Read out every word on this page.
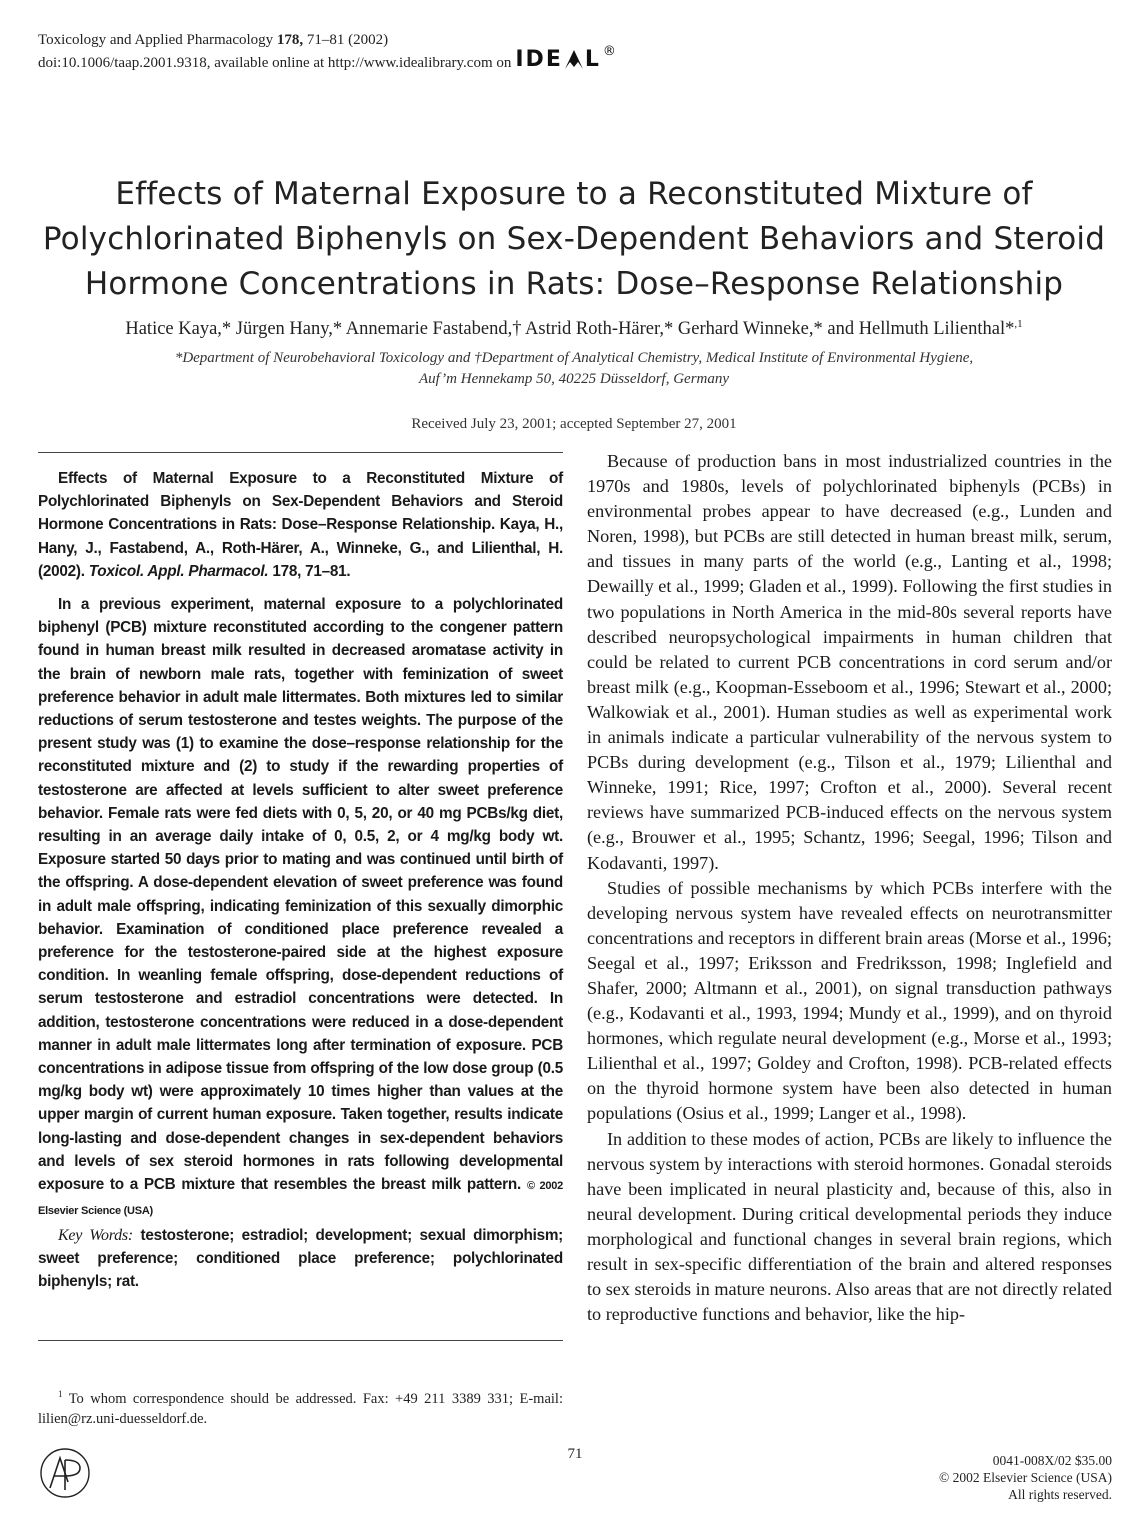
Toxicology and Applied Pharmacology 178, 71–81 (2002)
doi:10.1006/taap.2001.9318, available online at http://www.idealibrary.com on IDE L®
Effects of Maternal Exposure to a Reconstituted Mixture of
Polychlorinated Biphenyls on Sex-Dependent Behaviors and Steroid
Hormone Concentrations in Rats: Dose–Response Relationship
Hatice Kaya,* Jürgen Hany,* Annemarie Fastabend,† Astrid Roth-Härer,* Gerhard Winneke,* and Hellmuth Lilienthal*$^{,1}$
*Department of Neurobehavioral Toxicology and †Department of Analytical Chemistry, Medical Institute of Environmental Hygiene,
Auf’m Hennekamp 50, 40225 Düsseldorf, Germany
Received July 23, 2001; accepted September 27, 2001

Effects of Maternal Exposure to a Reconstituted Mixture of Polychlorinated Biphenyls on Sex-Dependent Behaviors and Steroid Hormone Concentrations in Rats: Dose–Response Relationship. Kaya, H., Hany, J., Fastabend, A., Roth-Härer, A., Winneke, G., and Lilienthal, H. (2002). Toxicol. Appl. Pharmacol. 178, 71–81.

In a previous experiment, maternal exposure to a polychlorinated biphenyl (PCB) mixture reconstituted according to the congener pattern found in human breast milk resulted in decreased aromatase activity in the brain of newborn male rats, together with feminization of sweet preference behavior in adult male littermates. Both mixtures led to similar reductions of serum testosterone and testes weights. The purpose of the present study was (1) to examine the dose–response relationship for the reconstituted mixture and (2) to study if the rewarding properties of testosterone are affected at levels sufficient to alter sweet preference behavior. Female rats were fed diets with 0, 5, 20, or 40 mg PCBs/kg diet, resulting in an average daily intake of 0, 0.5, 2, or 4 mg/kg body wt. Exposure started 50 days prior to mating and was continued until birth of the offspring. A dose-dependent elevation of sweet preference was found in adult male offspring, indicating feminization of this sexually dimorphic behavior. Examination of conditioned place preference revealed a preference for the testosterone-paired side at the highest exposure condition. In weanling female offspring, dose-dependent reductions of serum testosterone and estradiol concentrations were detected. In addition, testosterone concentrations were reduced in a dose-dependent manner in adult male littermates long after termination of exposure. PCB concentrations in adipose tissue from offspring of the low dose group (0.5 mg/kg body wt) were approximately 10 times higher than values at the upper margin of current human exposure. Taken together, results indicate long-lasting and dose-dependent changes in sex-dependent behaviors and levels of sex steroid hormones in rats following developmental exposure to a PCB mixture that resembles the breast milk pattern. © 2002 Elsevier Science (USA)

Key Words: testosterone; estradiol; development; sexual dimorphism; sweet preference; conditioned place preference; polychlorinated biphenyls; rat.

$^1$ To whom correspondence should be addressed. Fax: +49 211 3389 331; E-mail: lilien@rz.uni-duesseldorf.de.

Because of production bans in most industrialized countries in the 1970s and 1980s, levels of polychlorinated biphenyls (PCBs) in environmental probes appear to have decreased (e.g., Lunden and Noren, 1998), but PCBs are still detected in human breast milk, serum, and tissues in many parts of the world (e.g., Lanting et al., 1998; Dewailly et al., 1999; Gladen et al., 1999). Following the first studies in two populations in North America in the mid-80s several reports have described neuropsychological impairments in human children that could be related to current PCB concentrations in cord serum and/or breast milk (e.g., Koopman-Esseboom et al., 1996; Stewart et al., 2000; Walkowiak et al., 2001). Human studies as well as experimental work in animals indicate a particular vulnerability of the nervous system to PCBs during development (e.g., Tilson et al., 1979; Lilienthal and Winneke, 1991; Rice, 1997; Crofton et al., 2000). Several recent reviews have summarized PCB-induced effects on the nervous system (e.g., Brouwer et al., 1995; Schantz, 1996; Seegal, 1996; Tilson and Kodavanti, 1997).

Studies of possible mechanisms by which PCBs interfere with the developing nervous system have revealed effects on neurotransmitter concentrations and receptors in different brain areas (Morse et al., 1996; Seegal et al., 1997; Eriksson and Fredriksson, 1998; Inglefield and Shafer, 2000; Altmann et al., 2001), on signal transduction pathways (e.g., Kodavanti et al., 1993, 1994; Mundy et al., 1999), and on thyroid hormones, which regulate neural development (e.g., Morse et al., 1993; Lilienthal et al., 1997; Goldey and Crofton, 1998). PCB-related effects on the thyroid hormone system have been also detected in human populations (Osius et al., 1999; Langer et al., 1998).

In addition to these modes of action, PCBs are likely to influence the nervous system by interactions with steroid hormones. Gonadal steroids have been implicated in neural plasticity and, because of this, also in neural development. During critical developmental periods they induce morphological and functional changes in several brain regions, which result in sex-specific differentiation of the brain and altered responses to sex steroids in mature neurons. Also areas that are not directly related to reproductive functions and behavior, like the hip-

71	0041-008X/02 $35.00
© 2002 Elsevier Science (USA)
All rights reserved.
